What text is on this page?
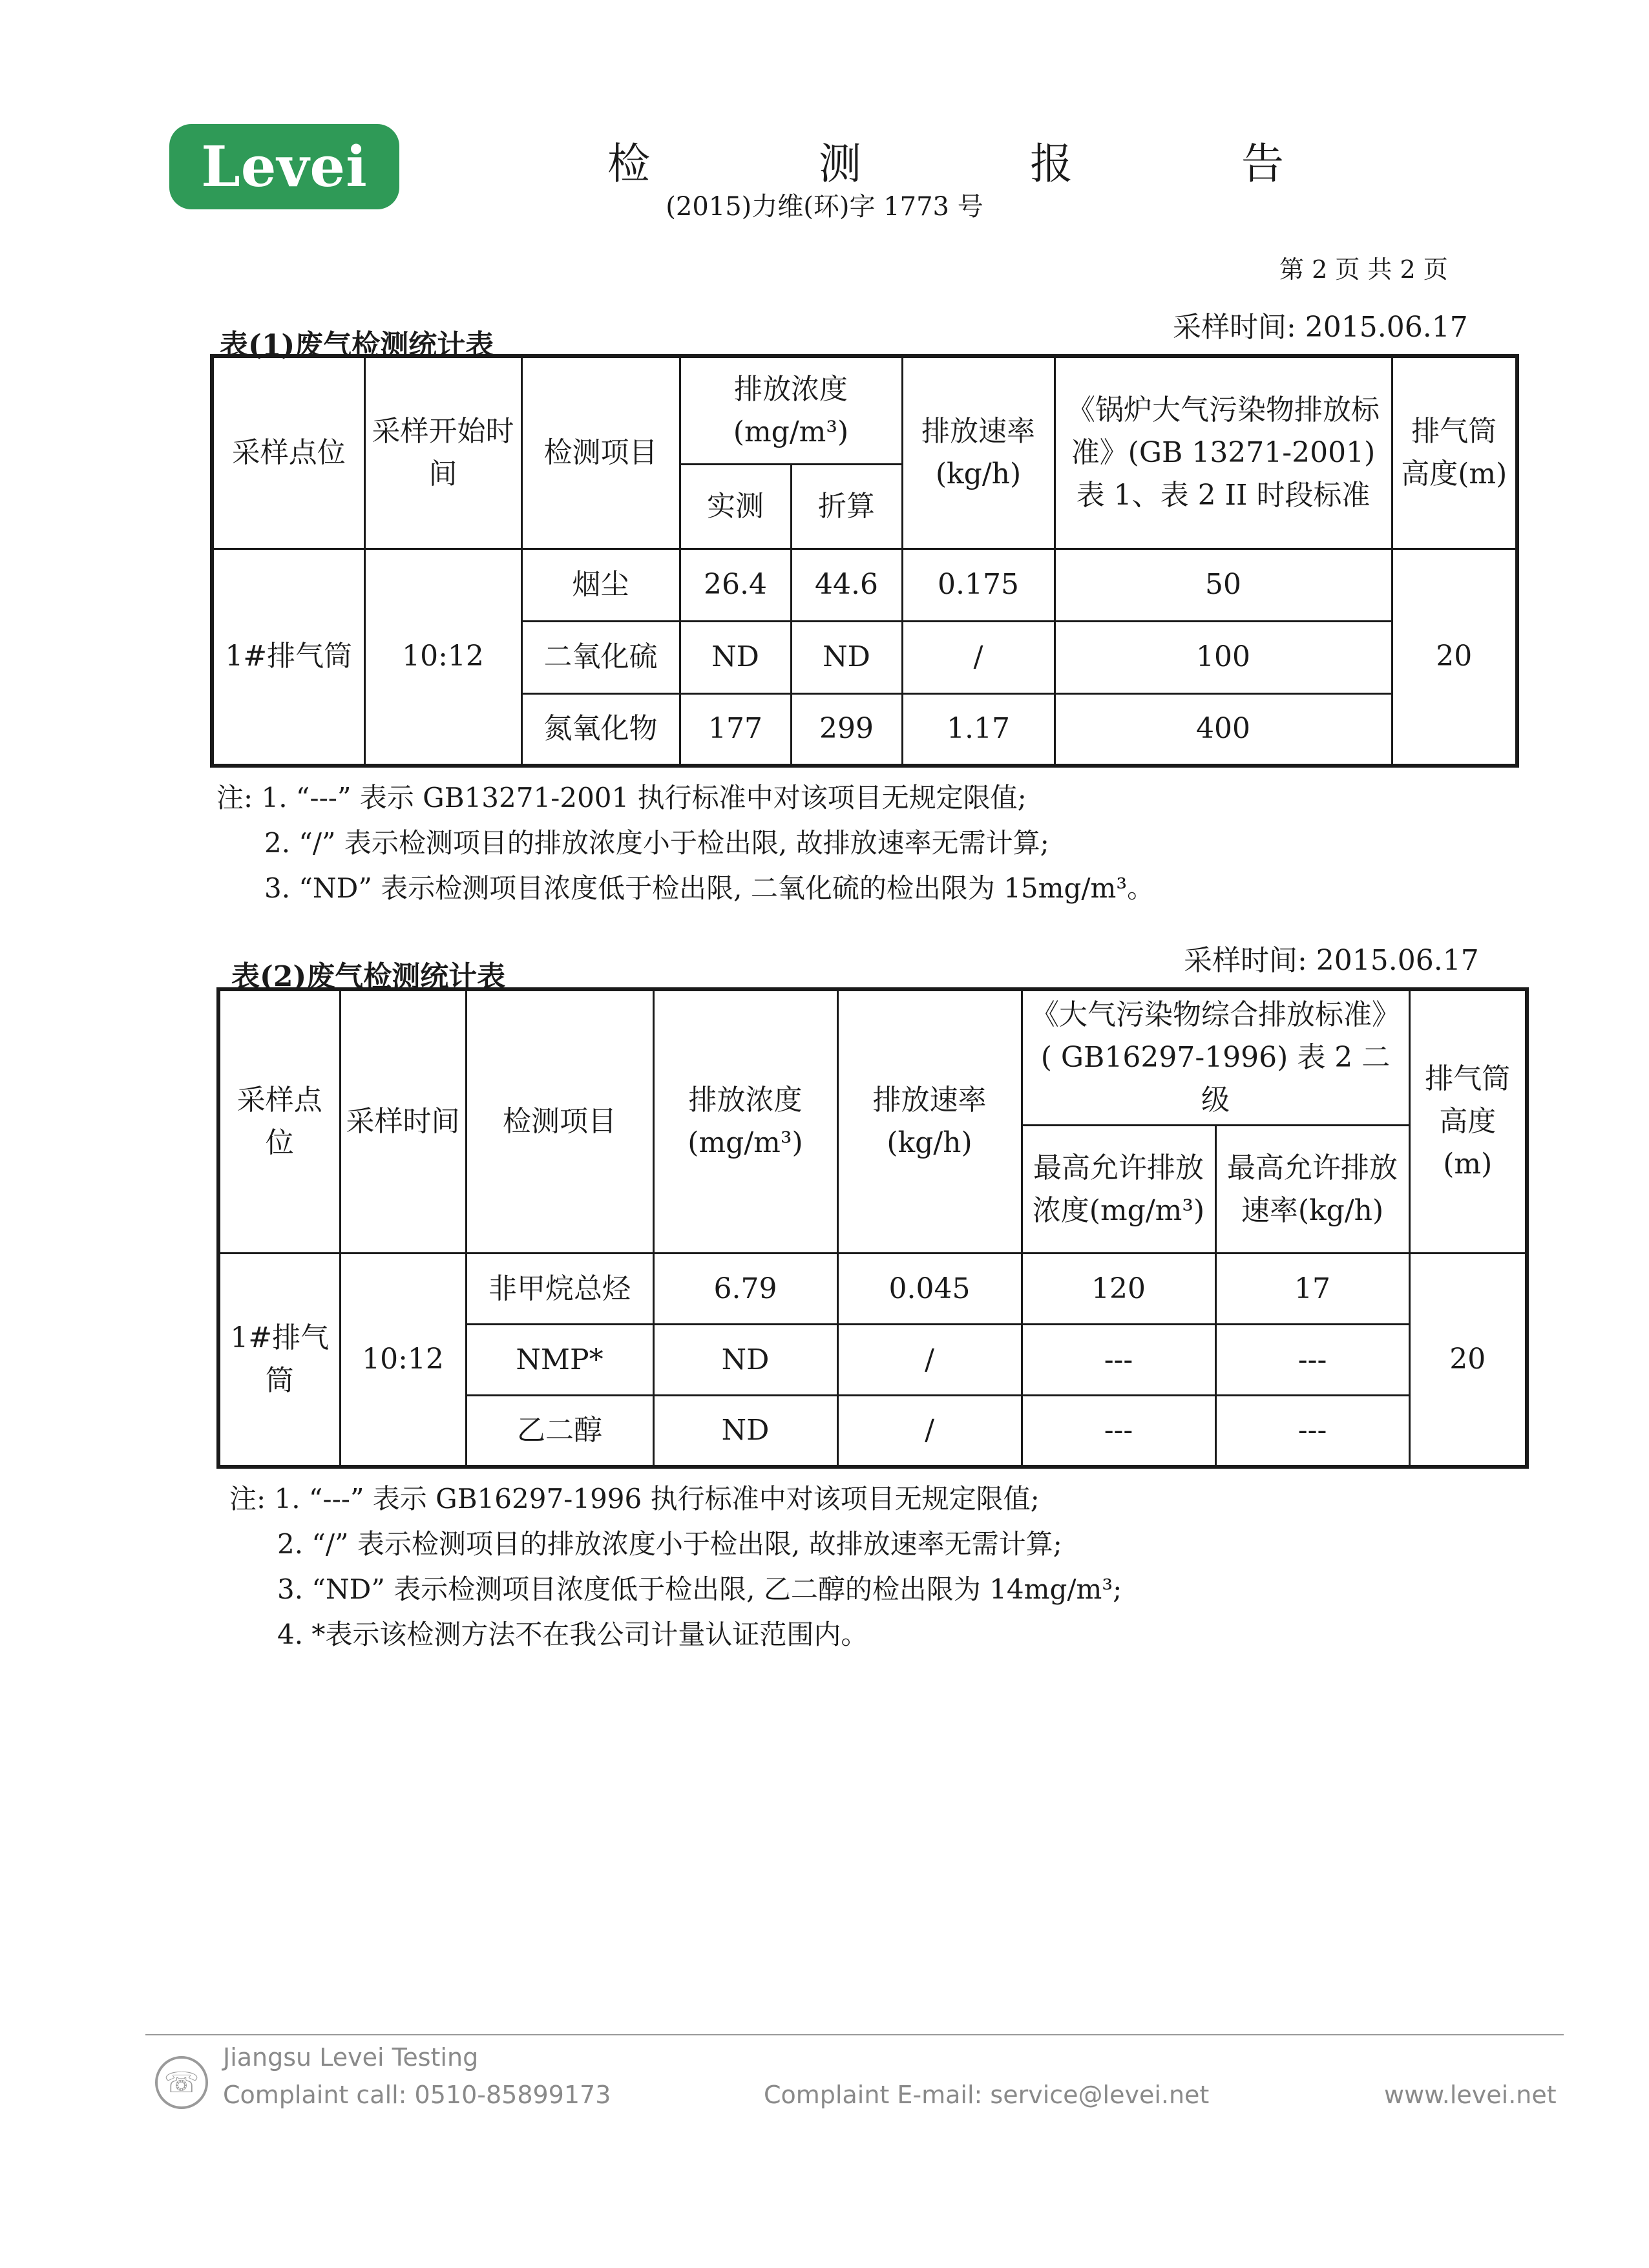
Levei	检 测 报 告
(2015)力维(环)字 1773 号
第 2 页 共 2 页
表(1)废气检测统计表
采样时间: 2015.06.17
采样点位	采样开始时间	检测项目	排放浓度(mg/m³)		排放速率(kg/h)	《锅炉大气污染物排放标准》(GB 13271-2001)表 1、表 2 II 时段标准	排气筒高度(m)
			实测	折算			
1#排气筒	10:12	烟尘	26.4	44.6	0.175	50	20
		二氧化硫	ND	ND	/	100	
		氮氧化物	177	299	1.17	400	
注: 1. “---” 表示 GB13271-2001 执行标准中对该项目无规定限值;
2. “/” 表示检测项目的排放浓度小于检出限, 故排放速率无需计算;
3. “ND” 表示检测项目浓度低于检出限, 二氧化硫的检出限为 15mg/m³。
表(2)废气检测统计表	采样时间: 2015.06.17
采样点位	采样时间	检测项目	排放浓度(mg/m³)	排放速率(kg/h)	《大气污染物综合排放标准》( GB16297-1996) 表 2 二级		排气筒高度(m)
					最高允许排放浓度(mg/m³)	最高允许排放速率(kg/h)	
1#排气筒	10:12	非甲烷总烃	6.79	0.045	120	17	20
		NMP*	ND	/	---	---	
		乙二醇	ND	/	---	---	
注: 1. “---” 表示 GB16297-1996 执行标准中对该项目无规定限值;
2. “/” 表示检测项目的排放浓度小于检出限, 故排放速率无需计算;
3. “ND” 表示检测项目浓度低于检出限, 乙二醇的检出限为 14mg/m³;
4. *表示该检测方法不在我公司计量认证范围内。
☏
Jiangsu Levei Testing
Complaint call: 0510-85899173	Complaint E-mail: service@levei.net	www.levei.net
